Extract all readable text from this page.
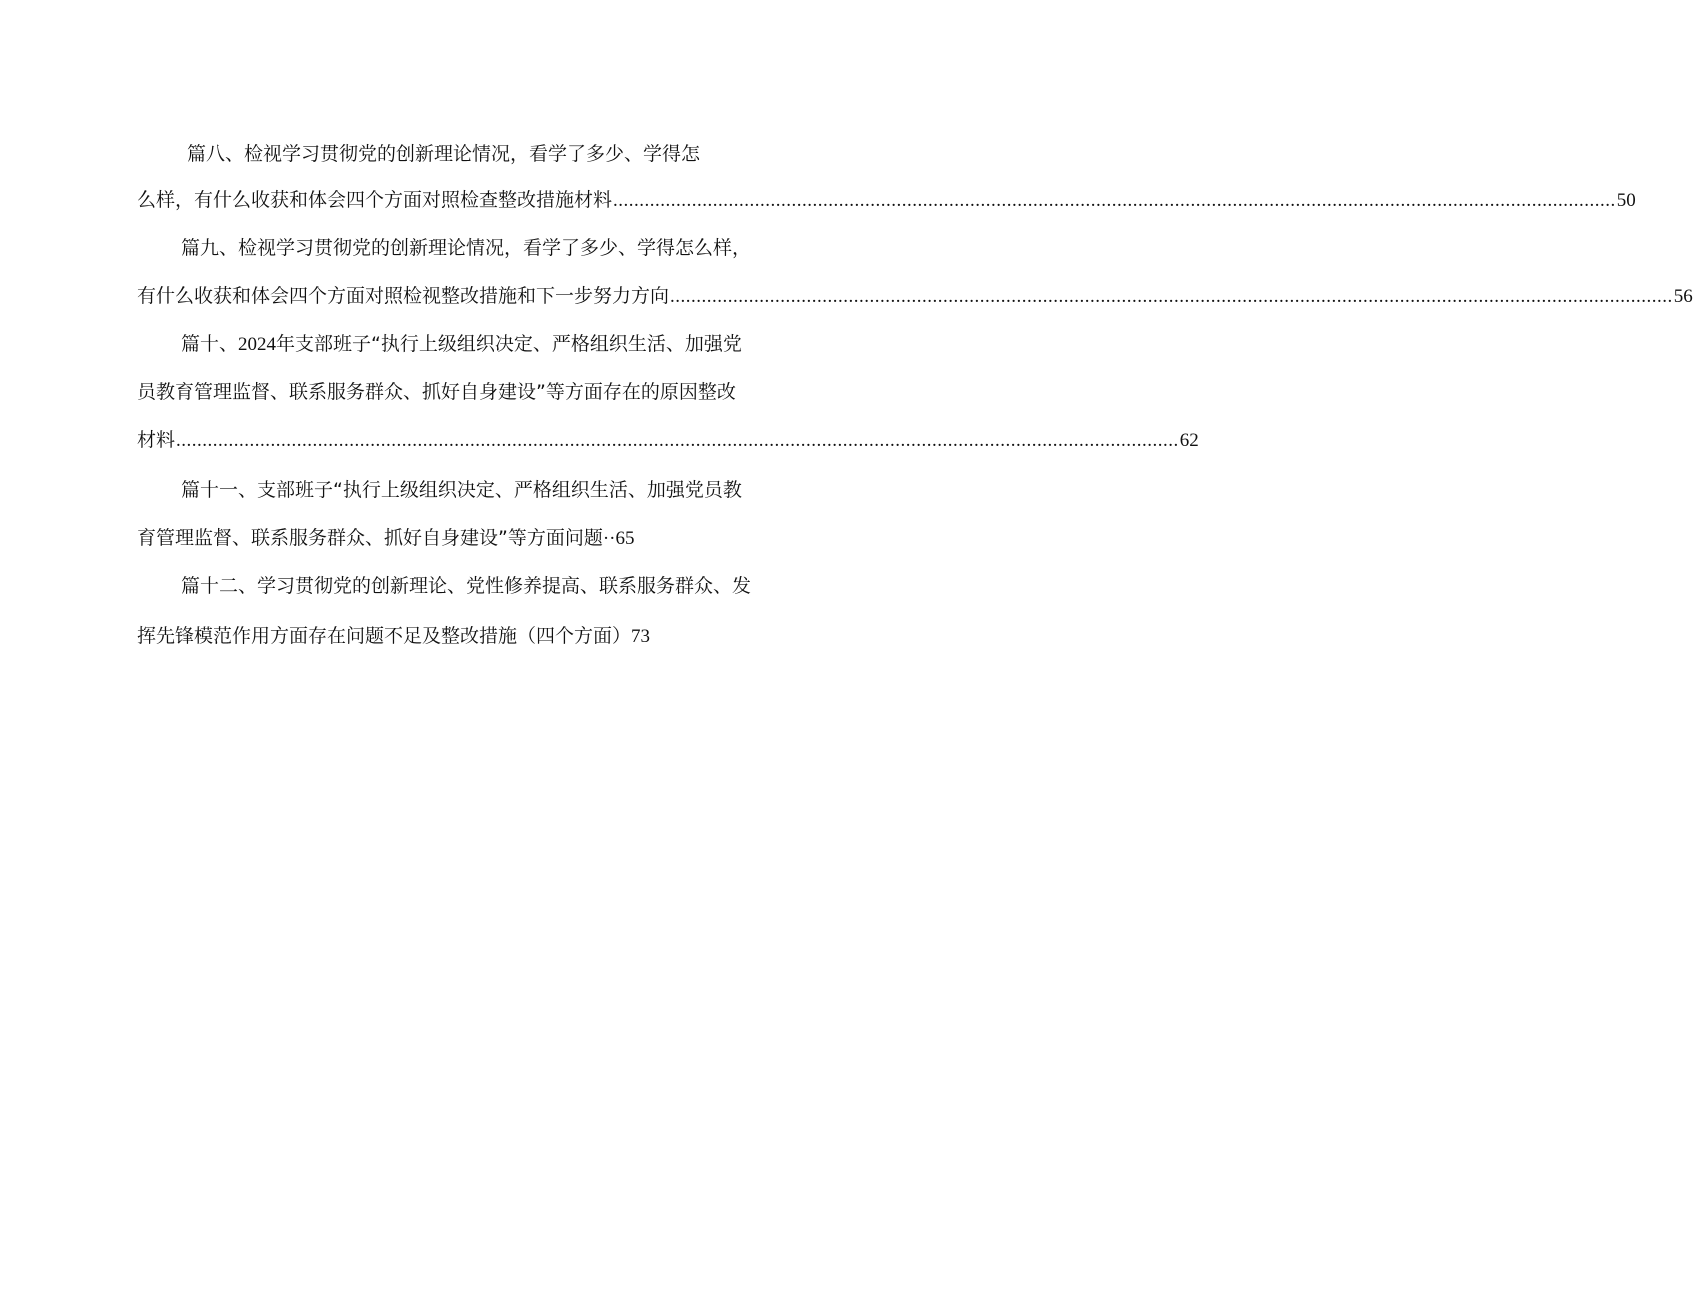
篇八、检视学习贯彻党的创新理论情况，看学了多少、学得怎
么样，有什么收获和体会四个方面对照检查整改措施材料 ............................................................................................................................................................................................... 50
篇九、检视学习贯彻党的创新理论情况，看学了多少、学得怎么样，
有什么收获和体会四个方面对照检视整改措施和下一步努力方向 ............................................................................................................................................................................................... 56
篇十、2024年支部班子“执行上级组织决定、严格组织生活、加强党
员教育管理监督、联系服务群众、抓好自身建设”等方面存在的原因整改
材料 ............................................................................................................................................................................................... 62
篇十一、支部班子“执行上级组织决定、严格组织生活、加强党员教
育管理监督、联系服务群众、抓好自身建设”等方面问题··65
篇十二、学习贯彻党的创新理论、党性修养提高、联系服务群众、发
挥先锋模范作用方面存在问题不足及整改措施（四个方面）73
